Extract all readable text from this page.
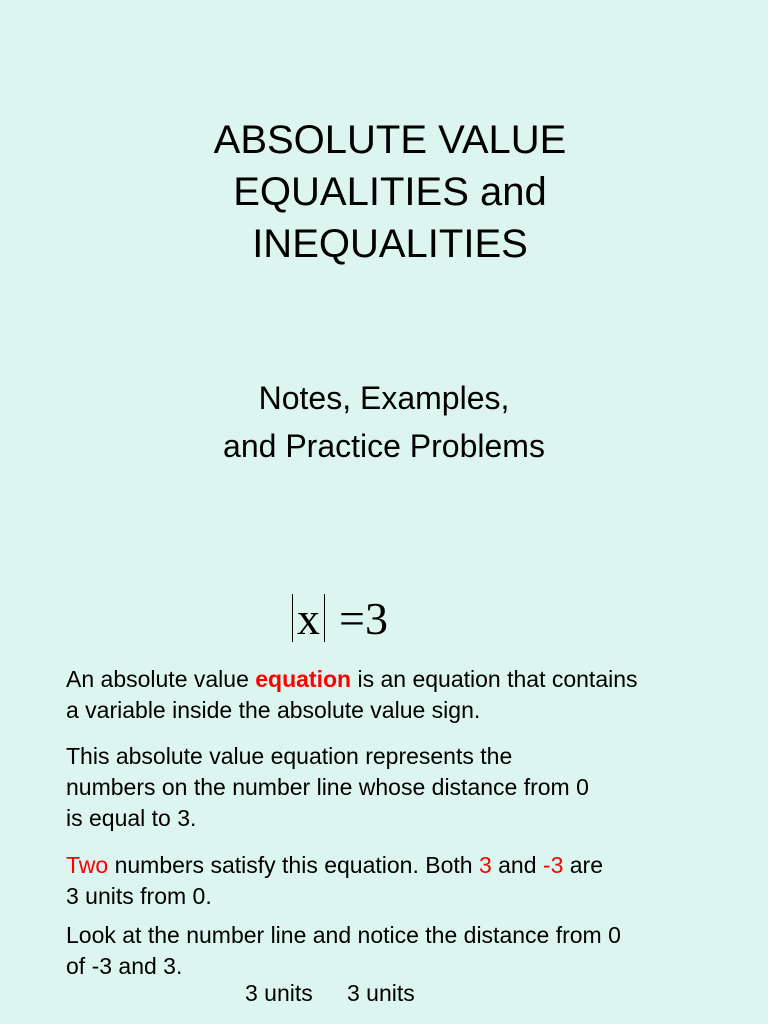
ABSOLUTE VALUE
EQUALITIES and
INEQUALITIES
Notes, Examples,
and Practice Problems
x =3
An absolute value equation is an equation that contains
a variable inside the absolute value sign.
This absolute value equation represents the
numbers on the number line whose distance from 0
is equal to 3.
Two numbers satisfy this equation. Both 3 and -3 are
3 units from 0.
Look at the number line and notice the distance from 0
of -3 and 3.
3 units 3 units
